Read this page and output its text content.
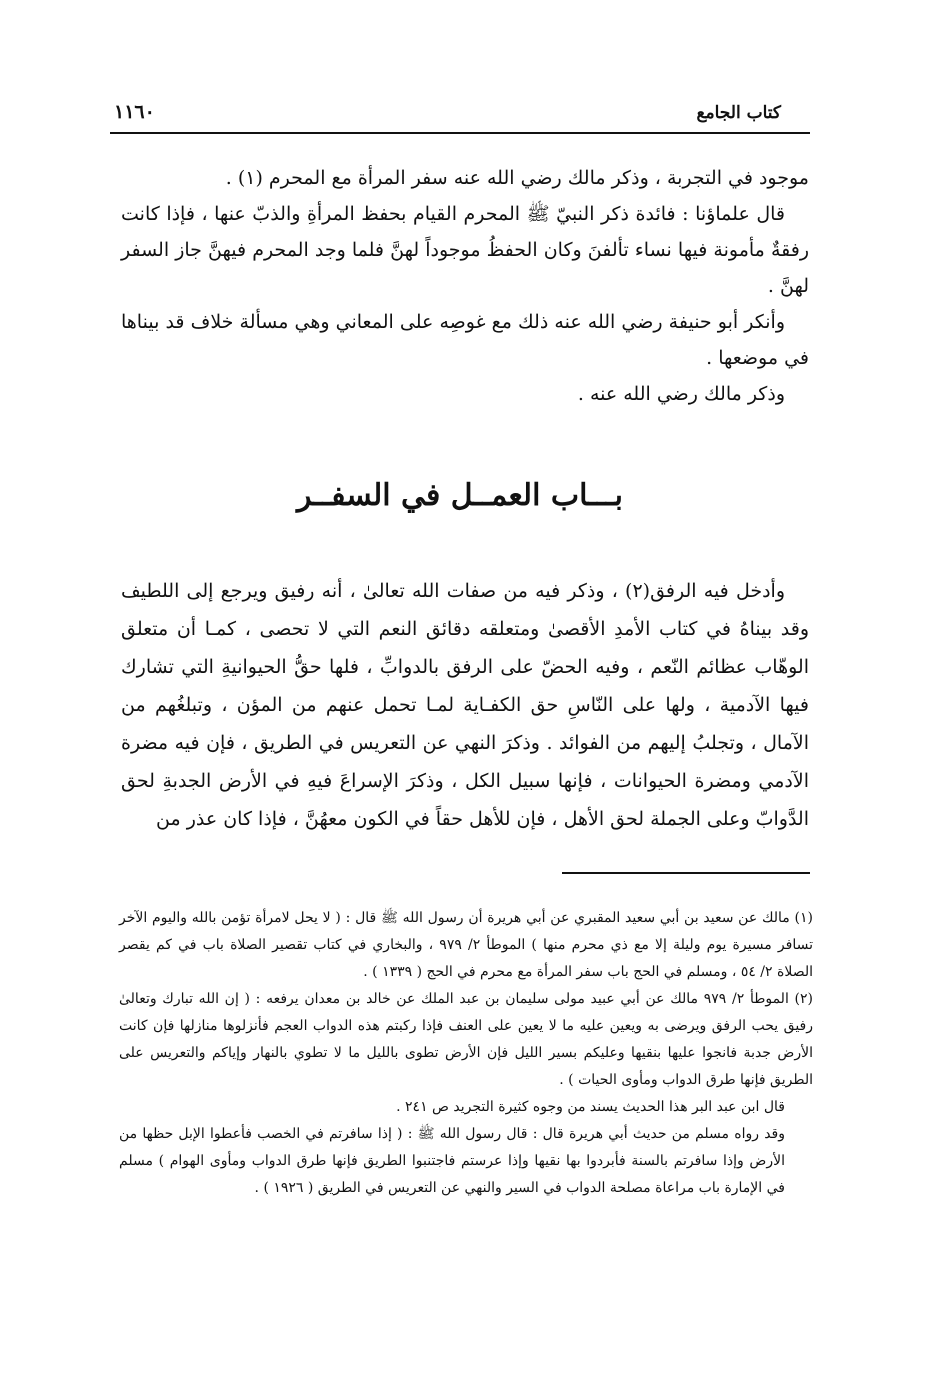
كتاب الجامع
١١٦٠

موجود في التجربة ، وذكر مالك رضي الله عنه سفر المرأة مع المحرم (١) .

قال علماؤنا : فائدة ذكر النبيّ ﷺ المحرم القيام بحفظ المرأةِ والذبّ عنها ، فإذا كانت رفقةٌ مأمونة فيها نساء تألفنَ وكان الحفظُ موجوداً لهنَّ فلما وجد المحرم فيهنَّ جاز السفر لهنَّ .

وأنكر أبو حنيفة رضي الله عنه ذلك مع غوصِه على المعاني وهي مسألة خلاف قد بيناها في موضعها .

وذكر مالك رضي الله عنه .

بـــاب العمــل في السفــر

وأدخل فيه الرفق(٢) ، وذكر فيه من صفات الله تعالىٰ ، أنه رفيق ويرجع إلى اللطيف وقد بيناهُ في كتاب الأمدِ الأقصىٰ ومتعلقه دقائق النعم التي لا تحصى ، كمـا أن متعلق الوهّاب عظائم النّعم ، وفيه الحضّ على الرفق بالدوابِّ ، فلها حقُّ الحيوانيةِ التي تشارك فيها الآدمية ، ولها على النّاسِ حق الكفـاية لمـا تحمل عنهم من المؤن ، وتبلغُهم من الآمال ، وتجلبُ إليهم من الفوائد . وذكرَ النهي عن التعريس في الطريق ، فإن فيه مضرة الآدمي ومضرة الحيوانات ، فإنها سبيل الكل ، وذكرَ الإسراعَ فيهِ في الأرض الجدبةِ لحق الدَّوابّ وعلى الجملة لحق الأهل ، فإن للأهل حقاً في الكون معهُنَّ ، فإذا كان عذر من

(١) مالك عن سعيد بن أبي سعيد المقبري عن أبي هريرة أن رسول الله ﷺ قال : ( لا يحل لامرأة تؤمن بالله واليوم الآخر تسافر مسيرة يوم وليلة إلا مع ذي محرم منها ) الموطأ ٢/ ٩٧٩ ، والبخاري في كتاب تقصير الصلاة باب في كم يقصر الصلاة ٢/ ٥٤ ، ومسلم في الحج باب سفر المرأة مع محرم في الحج ( ١٣٣٩ ) .

(٢) الموطأ ٢/ ٩٧٩ مالك عن أبي عبيد مولى سليمان بن عبد الملك عن خالد بن معدان يرفعه : ( إن الله تبارك وتعالىٰ رفيق يحب الرفق ويرضى به ويعين عليه ما لا يعين على العنف فإذا ركبتم هذه الدواب العجم فأنزلوها منازلها فإن كانت الأرض جدبة فانجوا عليها بنقيها وعليكم بسير الليل فإن الأرض تطوى بالليل ما لا تطوي بالنهار وإياكم والتعريس على الطريق فإنها طرق الدواب ومأوى الحيات ) .

قال ابن عبد البر هذا الحديث يسند من وجوه كثيرة التجريد ص ٢٤١ .

وقد رواه مسلم من حديث أبي هريرة قال : قال رسول الله ﷺ : ( إذا سافرتم في الخصب فأعطوا الإبل حظها من الأرض وإذا سافرتم بالسنة فأبردوا بها نقيها وإذا عرستم فاجتنبوا الطريق فإنها طرق الدواب ومأوى الهوام ) مسلم في الإمارة باب مراعاة مصلحة الدواب في السير والنهي عن التعريس في الطريق ( ١٩٢٦ ) .
